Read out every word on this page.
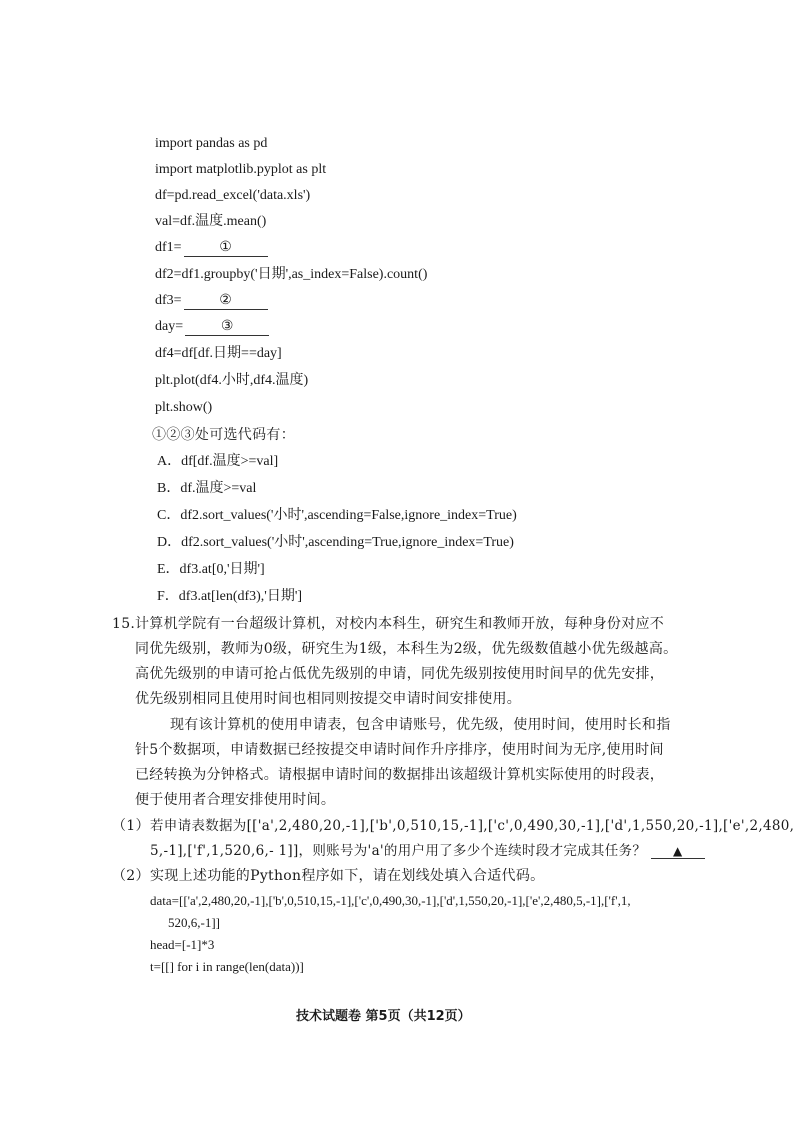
import pandas as pd
import matplotlib.pyplot as plt
df=pd.read_excel('data.xls')
val=df.温度.mean()
df1=	①
df2=df1.groupby('日期',as_index=False).count()
df3=	②
day=	③
df4=df[df.日期==day]
plt.plot(df4.小时,df4.温度)
plt.show()
①②③处可选代码有：
A．df[df.温度>=val]
B．df.温度>=val
C．df2.sort_values('小时',ascending=False,ignore_index=True)
D．df2.sort_values('小时',ascending=True,ignore_index=True)
E．df3.at[0,'日期']
F．df3.at[len(df3),'日期']
15. 计算机学院有一台超级计算机，对校内本科生，研究生和教师开放，每种身份对应不
同优先级别，教师为0级，研究生为1级，本科生为2级，优先级数值越小优先级越高。
高优先级别的申请可抢占低优先级别的申请，同优先级别按使用时间早的优先安排，
优先级别相同且使用时间也相同则按提交申请时间安排使用。
现有该计算机的使用申请表，包含申请账号，优先级，使用时间，使用时长和指
针5个数据项，申请数据已经按提交申请时间作升序排序，使用时间为无序,使用时间
已经转换为分钟格式。请根据申请时间的数据排出该超级计算机实际使用的时段表，
便于使用者合理安排使用时间。
（1） 若申请表数据为[['a',2,480,20,-1],['b',0,510,15,-1],['c',0,490,30,-1],['d',1,550,20,-1],['e',2,480,
5,-1],['f',1,520,6,- 1]]，则账号为'a'的用户用了多少个连续时段才完成其任务？ ▲
（2） 实现上述功能的Python程序如下，请在划线处填入合适代码。
data=[['a',2,480,20,-1],['b',0,510,15,-1],['c',0,490,30,-1],['d',1,550,20,-1],['e',2,480,5,-1],['f',1,
520,6,-1]]
head=[-1]*3
t=[[] for i in range(len(data))]
技术试题卷 第5页（共12页）
